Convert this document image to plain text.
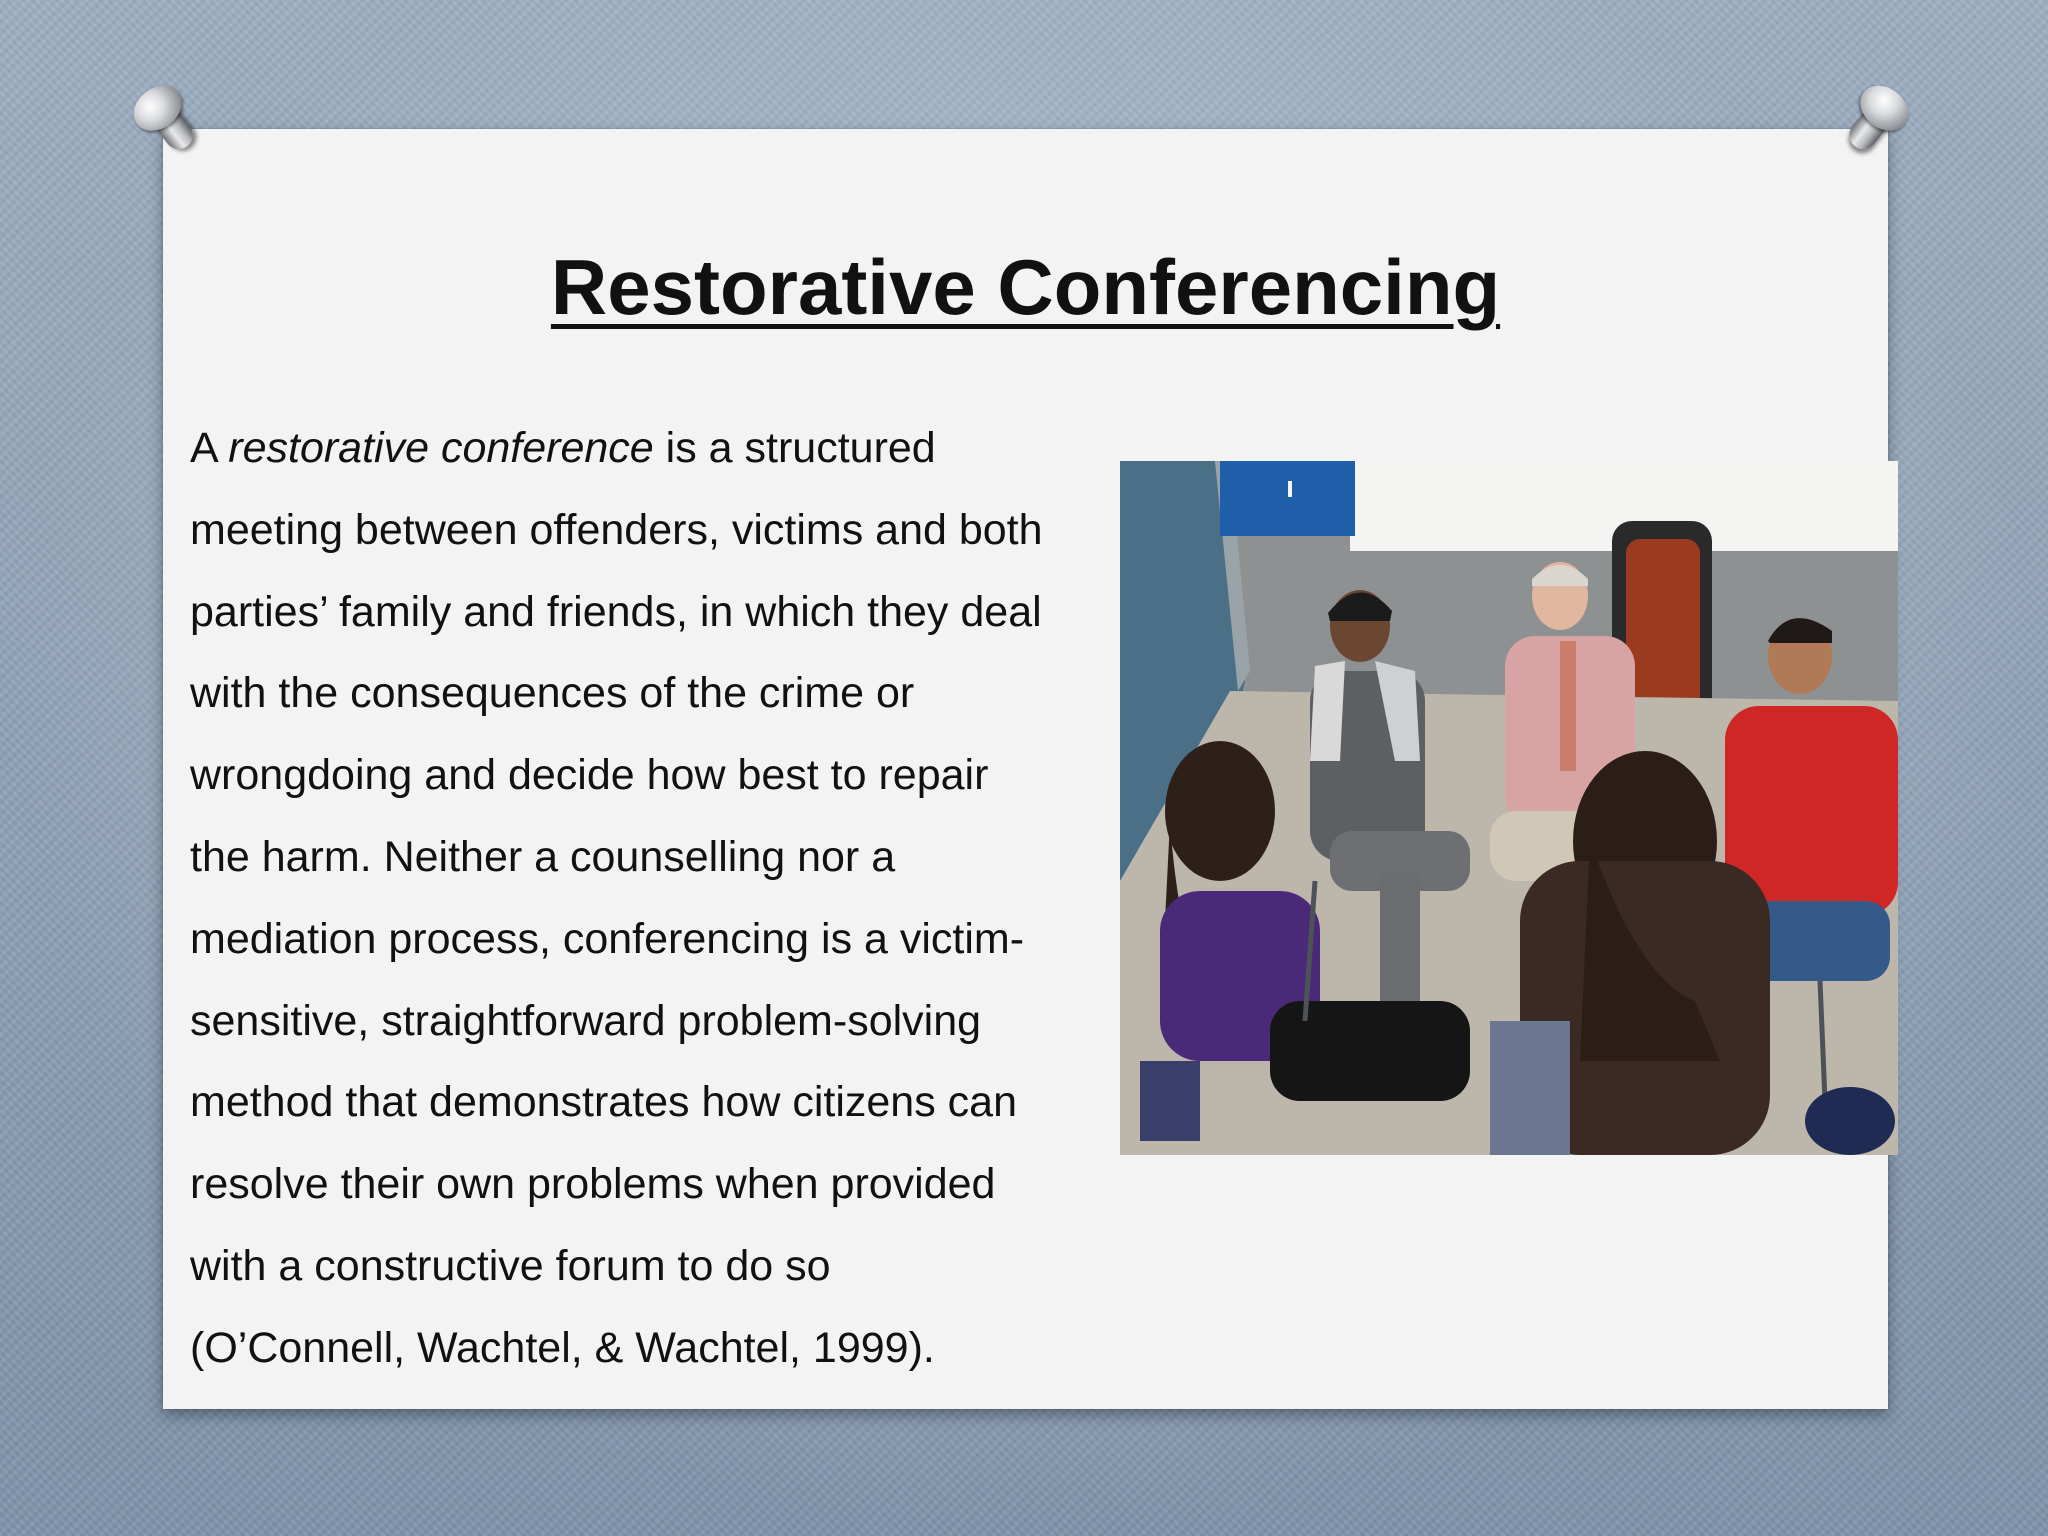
Restorative Conferencing

A restorative conference is a structured
meeting between offenders, victims and both
parties’ family and friends, in which they deal
with the consequences of the crime or
wrongdoing and decide how best to repair
the harm. Neither a counselling nor a
mediation process, conferencing is a victim-
sensitive, straightforward problem-solving
method that demonstrates how citizens can
resolve their own problems when provided
with a constructive forum to do so
(O’Connell, Wachtel, & Wachtel, 1999).
